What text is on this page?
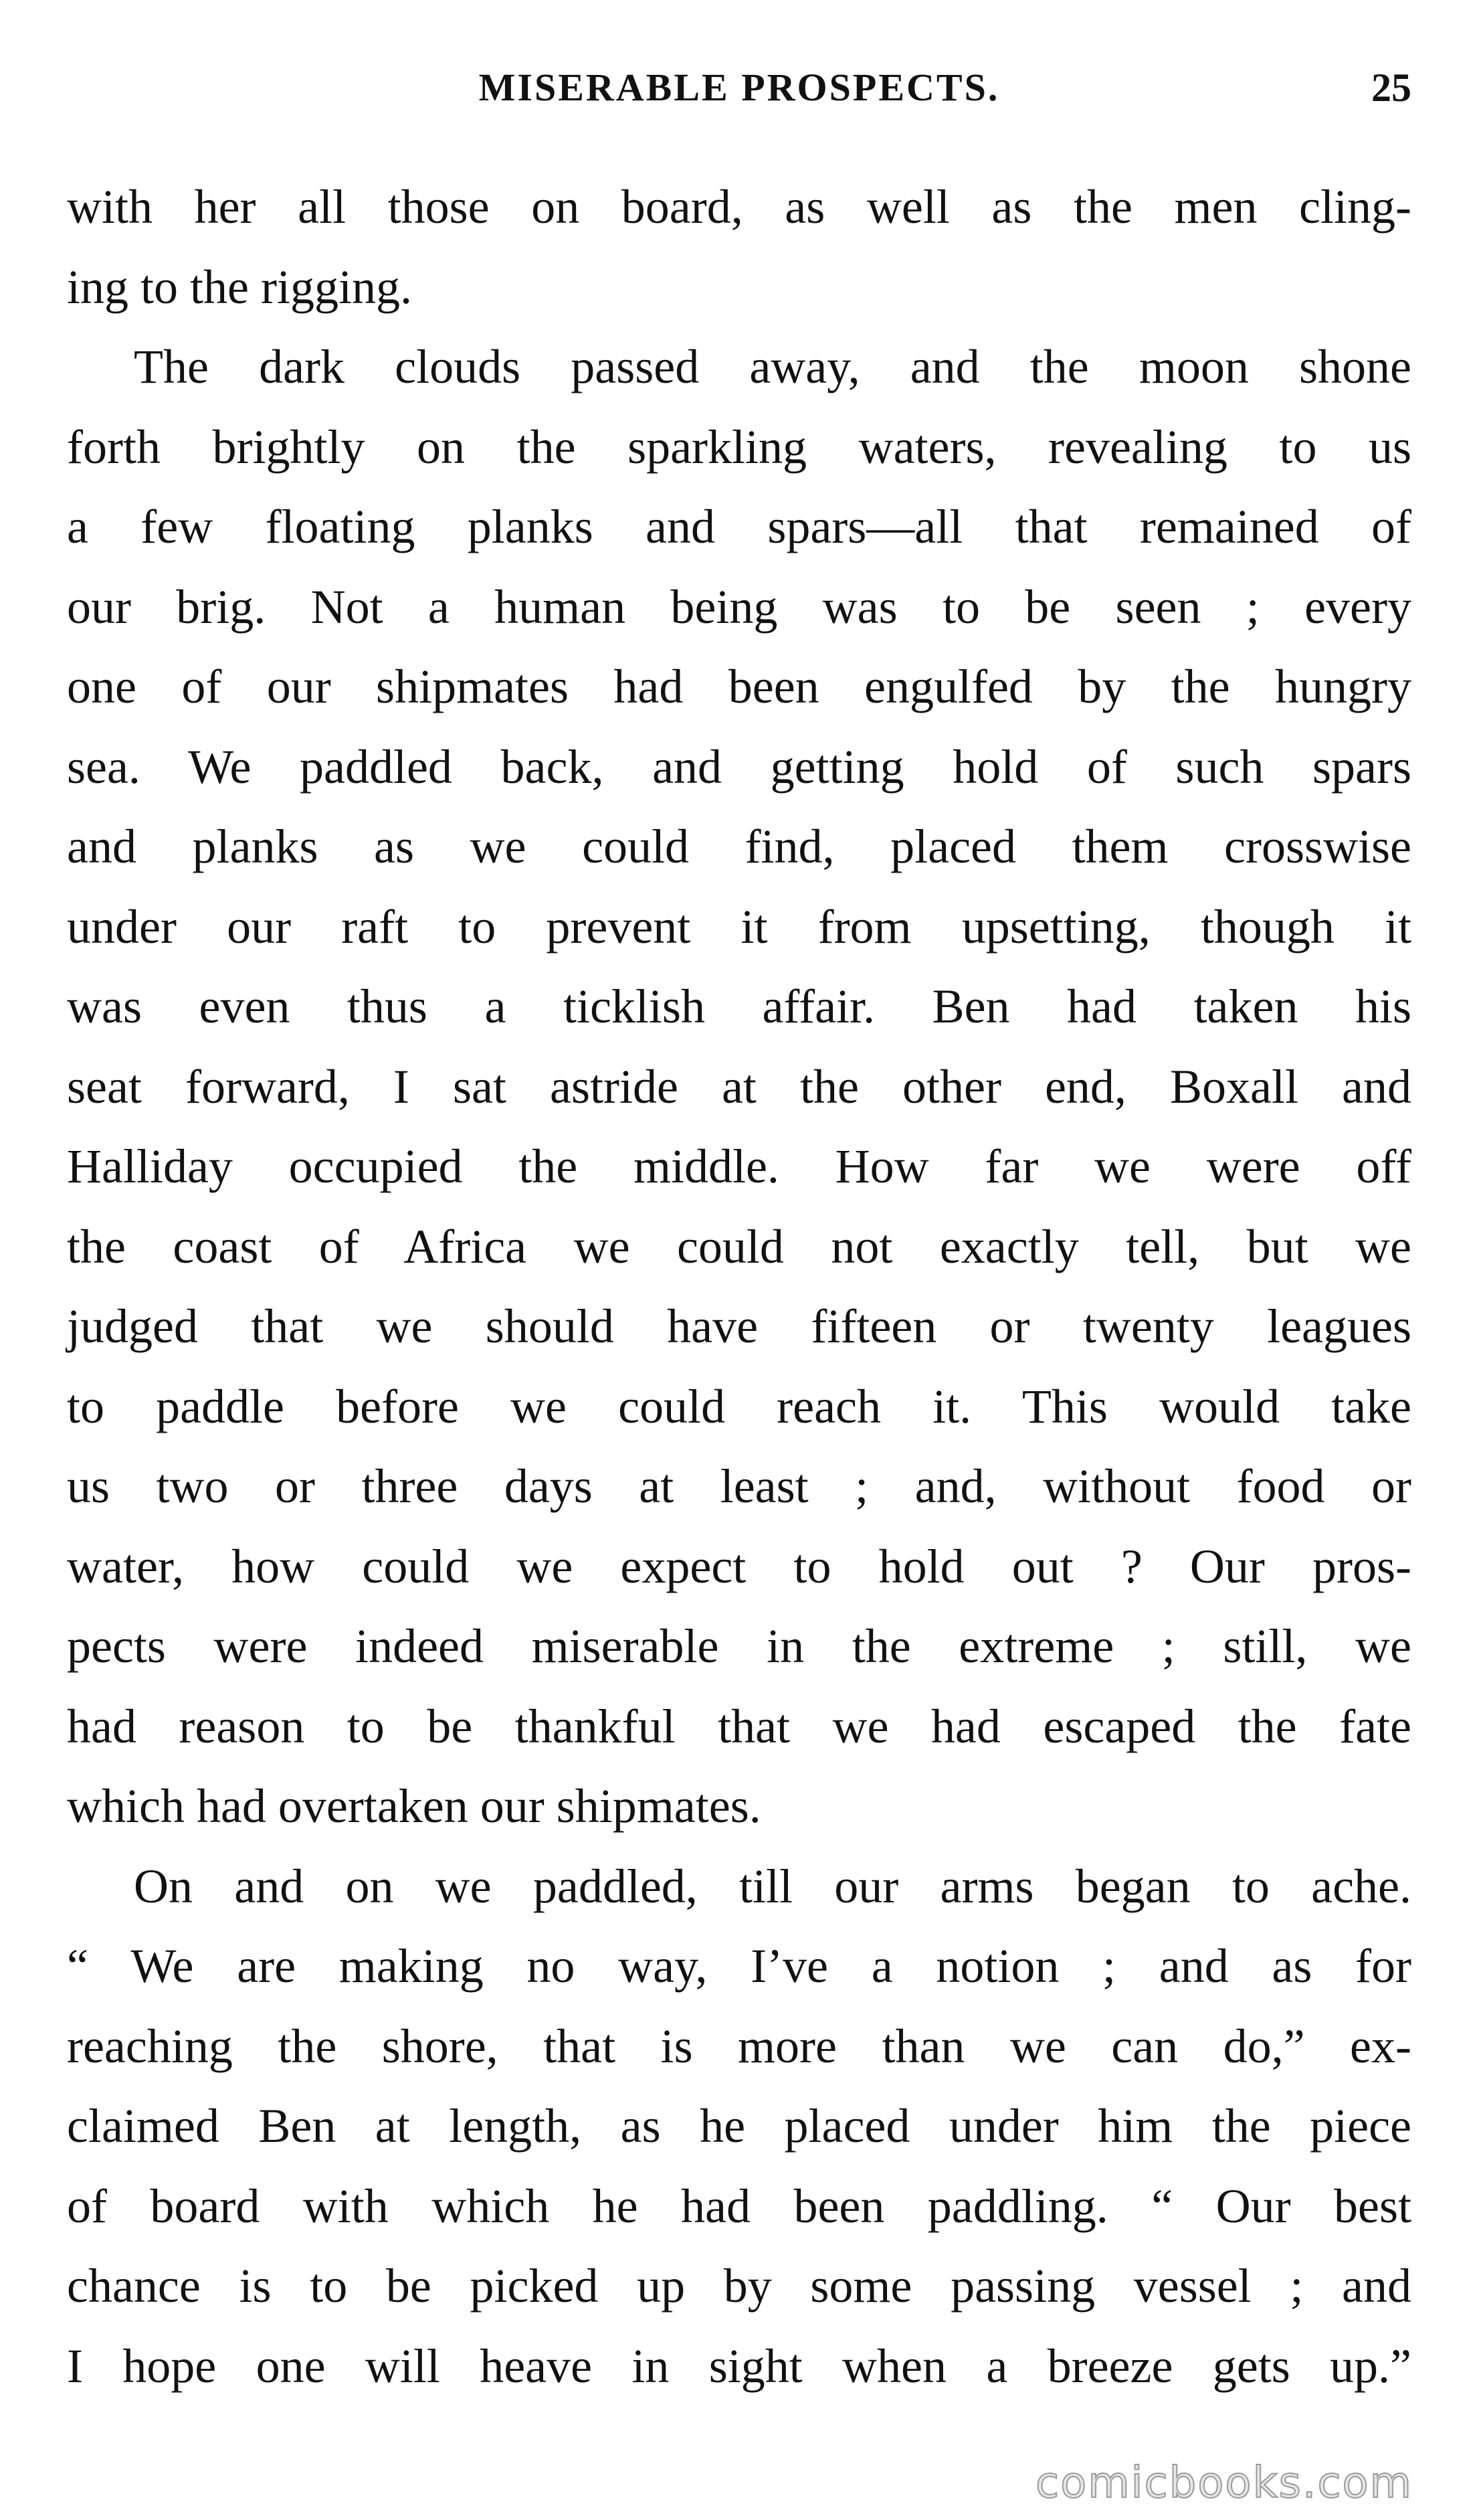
MISERABLE PROSPECTS.	25
with her all those on board, as well as the men cling-
ing to the rigging.
The dark clouds passed away, and the moon shone
forth brightly on the sparkling waters, revealing to us
a few floating planks and spars—all that remained of
our brig. Not a human being was to be seen ; every
one of our shipmates had been engulfed by the hungry
sea. We paddled back, and getting hold of such spars
and planks as we could find, placed them crosswise
under our raft to prevent it from upsetting, though it
was even thus a ticklish affair. Ben had taken his
seat forward, I sat astride at the other end, Boxall and
Halliday occupied the middle. How far we were off
the coast of Africa we could not exactly tell, but we
judged that we should have fifteen or twenty leagues
to paddle before we could reach it. This would take
us two or three days at least ; and, without food or
water, how could we expect to hold out ? Our pros-
pects were indeed miserable in the extreme ; still, we
had reason to be thankful that we had escaped the fate
which had overtaken our shipmates.
On and on we paddled, till our arms began to ache.
“ We are making no way, I’ve a notion ; and as for
reaching the shore, that is more than we can do,” ex-
claimed Ben at length, as he placed under him the piece
of board with which he had been paddling. “ Our best
chance is to be picked up by some passing vessel ; and
I hope one will heave in sight when a breeze gets up.”
comicbooks.com
